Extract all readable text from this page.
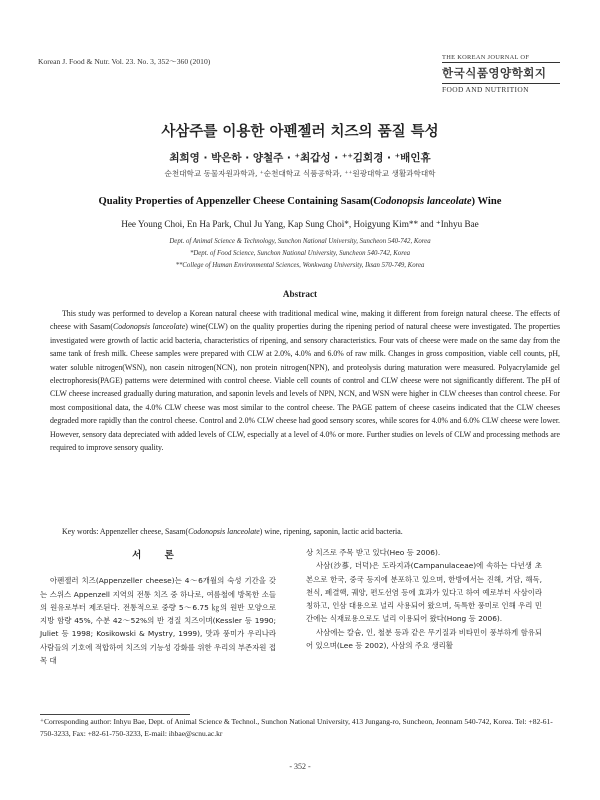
Korean J. Food & Nutr. Vol. 23. No. 3, 352～360 (2010)	THE KOREAN JOURNAL OF
한국식품영양학회지
FOOD AND NUTRITION
사삼주를 이용한 아펜젤러 치즈의 품질 특성
최희영 · 박은하 · 양철주 · ⁺최갑성 · ⁺⁺김회경 · ⁺배인휴
순천대학교 동물자원과학과, ⁺순천대학교 식품공학과, ⁺⁺원광대학교 생활과학대학
Quality Properties of Appenzeller Cheese Containing Sasam(Codonopsis lanceolate) Wine
Hee Young Choi, En Ha Park, Chul Ju Yang, Kap Sung Choi*, Hoigyung Kim** and ⁺Inhyu Bae
Dept. of Animal Science & Technology, Sunchon National University, Suncheon 540-742, Korea
*Dept. of Food Science, Sunchon National University, Suncheon 540-742, Korea
**College of Human Environmental Sciences, Wonkwang University, Iksan 570-749, Korea
Abstract
This study was performed to develop a Korean natural cheese with traditional medical wine, making it different from foreign natural cheese. The effects of cheese with Sasam(Codonopsis lanceolate) wine(CLW) on the quality properties during the ripening period of natural cheese were investigated. The properties investigated were growth of lactic acid bacteria, characteristics of ripening, and sensory characteristics. Four vats of cheese were made on the same day from the same tank of fresh milk. Cheese samples were prepared with CLW at 2.0%, 4.0% and 6.0% of raw milk. Changes in gross composition, viable cell counts, pH, water soluble nitrogen(WSN), non casein nitrogen(NCN), non protein nitrogen(NPN), and proteolysis during maturation were measured. Polyacrylamide gel electrophoresis(PAGE) patterns were determined with control cheese. Viable cell counts of control and CLW cheese were not significantly different. The pH of CLW cheese increased gradually during maturation, and saponin levels and levels of NPN, NCN, and WSN were higher in CLW cheeses than control cheese. For most compositional data, the 4.0% CLW cheese was most similar to the control cheese. The PAGE pattern of cheese caseins indicated that the CLW cheeses degraded more rapidly than the control cheese. Control and 2.0% CLW cheese had good sensory scores, while scores for 4.0% and 6.0% CLW cheese were lower. However, sensory data depreciated with added levels of CLW, especially at a level of 4.0% or more. Further studies on levels of CLW and processing methods are required to improve sensory quality.
Key words: Appenzeller cheese, Sasam(Codonopsis lanceolate) wine, ripening, saponin, lactic acid bacteria.
서 론

아펜젤러 치즈(Appenzeller cheese)는 4～6개월의 숙성 기간을 갖는 스위스 Appenzell 지역의 전통 치즈 중 하나로, 여름철에 방목한 소들의 원유로부터 제조된다. 전통적으로 중량 5～6.75 ㎏의 원반 모양으로 지방 함량 45%, 수분 42～52%의 반 경질 치즈이며(Kessler 등 1990; Juliet 등 1998; Kosikowski & Mystry, 1999), 맛과 풍미가 우리나라 사람들의 기호에 적합하여 치즈의 기능성 강화를 위한 우리의 부존자원 접목 대

상 치즈로 주목 받고 있다(Heo 등 2006).

사삼(沙蔘, 더덕)은 도라지과(Campanulaceae)에 속하는 다년생 초본으로 한국, 중국 등지에 분포하고 있으며, 한방에서는 진해, 거담, 해독, 천식, 폐결핵, 궤양, 편도선염 등에 효과가 있다고 하여 예로부터 사삼이라 칭하고, 인삼 대용으로 널리 사용되어 왔으며, 독특한 풍미로 인해 우리 민간에는 식재료용으로도 널리 이용되어 왔다(Hong 등 2006).

사삼에는 칼슘, 인, 철분 등과 같은 무기질과 비타민이 풍부하게 함유되어 있으며(Lee 등 2002), 사삼의 주요 생리활

⁺Corresponding author: Inhyu Bae, Dept. of Animal Science & Technol., Sunchon National University, 413 Jungang-ro, Suncheon, Jeonnam 540-742, Korea. Tel: +82-61-750-3233, Fax: +82-61-750-3233, E-mail: ihbae@scnu.ac.kr
- 352 -
